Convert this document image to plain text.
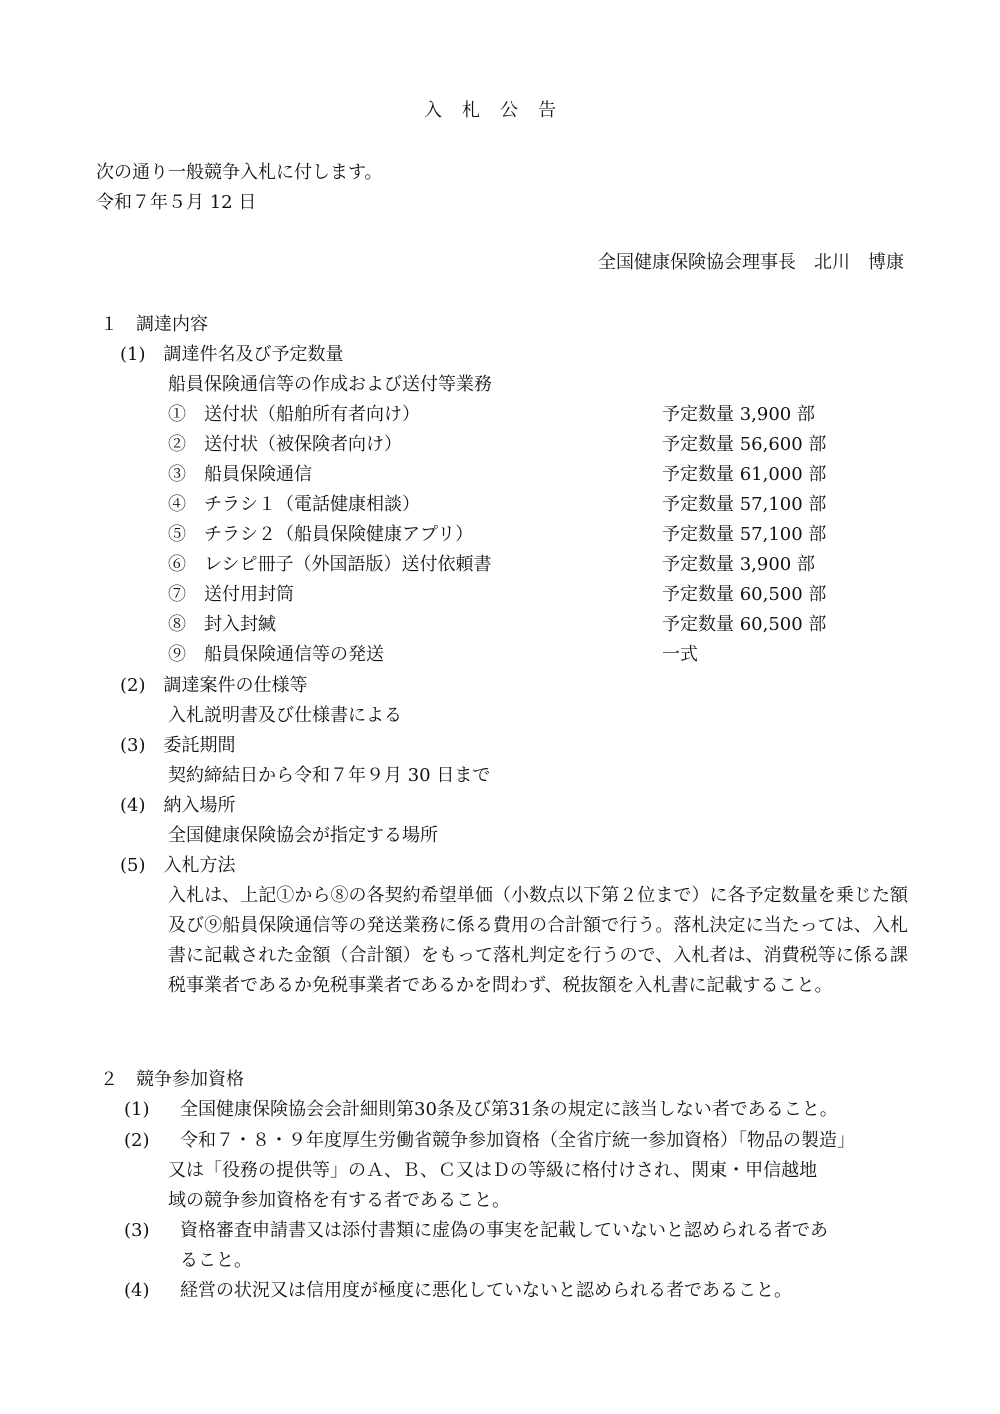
入札公告
次の通り一般競争入札に付します。
令和７年５月 12 日
全国健康保険協会理事長　北川　博康
１　調達内容
(1)　調達件名及び予定数量
船員保険通信等の作成および送付等業務
①　送付状（船舶所有者向け）	予定数量 3,900 部
②　送付状（被保険者向け）	予定数量 56,600 部
③　船員保険通信	予定数量 61,000 部
④　チラシ１（電話健康相談）	予定数量 57,100 部
⑤　チラシ２（船員保険健康アプリ）	予定数量 57,100 部
⑥　レシピ冊子（外国語版）送付依頼書	予定数量 3,900 部
⑦　送付用封筒	予定数量 60,500 部
⑧　封入封緘	予定数量 60,500 部
⑨　船員保険通信等の発送	一式
(2)　調達案件の仕様等
入札説明書及び仕様書による
(3)　委託期間
契約締結日から令和７年９月 30 日まで
(4)　納入場所
全国健康保険協会が指定する場所
(5)　入札方法
入札は、上記①から⑧の各契約希望単価（小数点以下第２位まで）に各予定数量を乗じた額及び⑨船員保険通信等の発送業務に係る費用の合計額で行う。落札決定に当たっては、入札書に記載された金額（合計額）をもって落札判定を行うので、入札者は、消費税等に係る課税事業者であるか免税事業者であるかを問わず、税抜額を入札書に記載すること。
２　競争参加資格
(1) 全国健康保険協会会計細則第30条及び第31条の規定に該当しない者であること。
(2) 令和７・８・９年度厚生労働省競争参加資格（全省庁統一参加資格）「物品の製造」
又は「役務の提供等」のＡ、Ｂ、Ｃ又はＤの等級に格付けされ、関東・甲信越地
域の競争参加資格を有する者であること。
(3) 資格審査申請書又は添付書類に虚偽の事実を記載していないと認められる者であ
ること。
(4) 経営の状況又は信用度が極度に悪化していないと認められる者であること。
